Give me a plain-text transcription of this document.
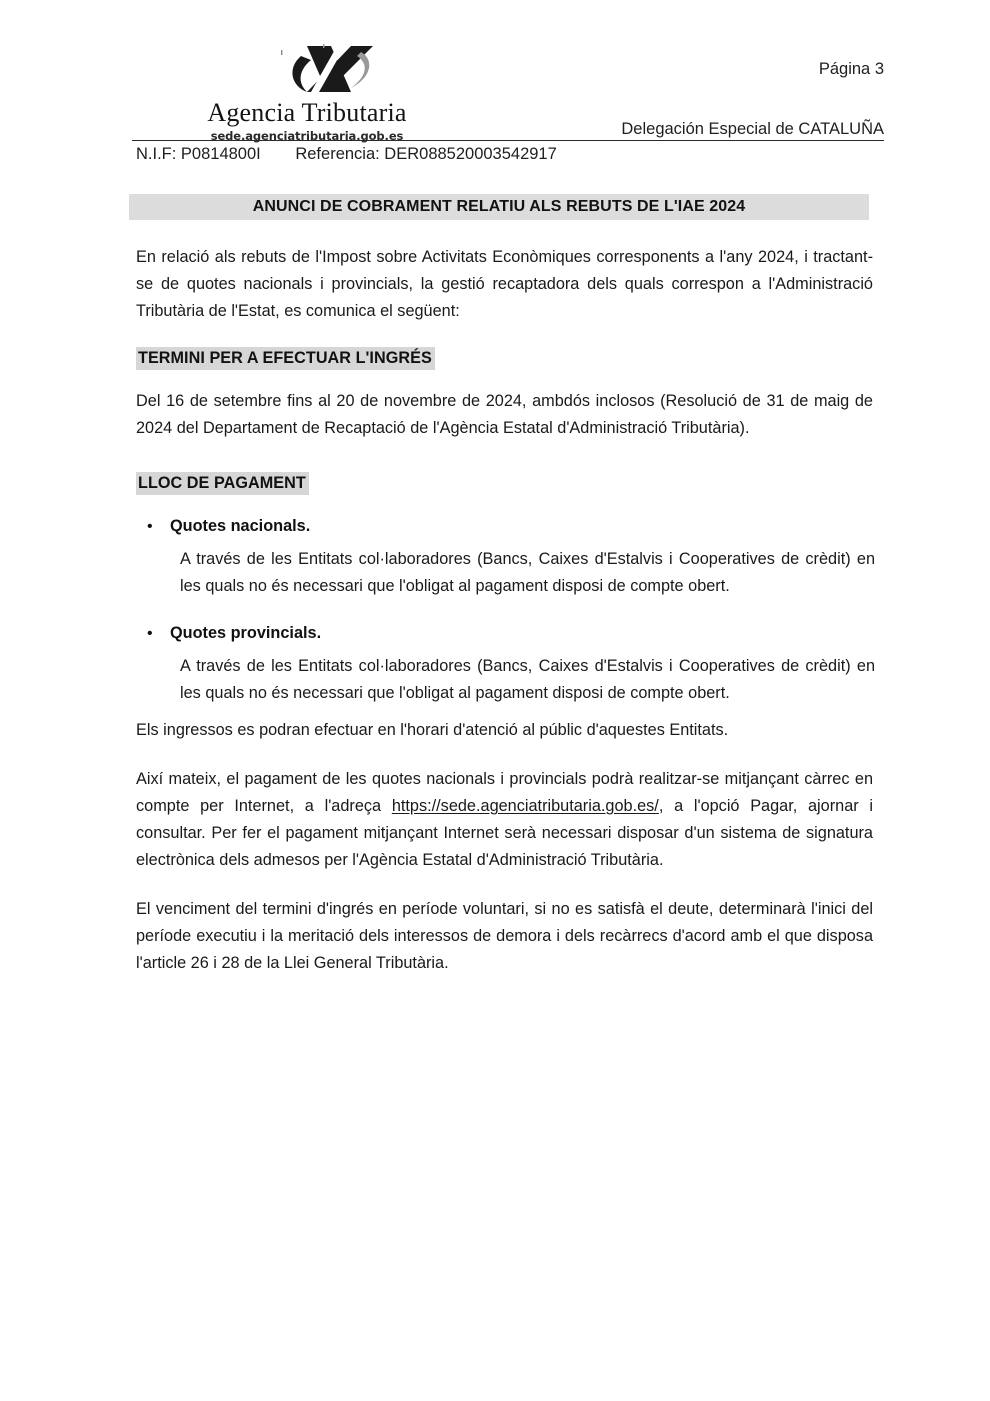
Agencia Tributaria
sede.agenciatributaria.gob.es
Página 3
Delegación Especial de CATALUÑA
N.I.F: P0814800I Referencia: DER088520003542917
ANUNCI DE COBRAMENT RELATIU ALS REBUTS DE L'IAE 2024

En relació als rebuts de l'Impost sobre Activitats Econòmiques corresponents a l'any 2024, i tractant-se de quotes nacionals i provincials, la gestió recaptadora dels quals correspon a l'Administració Tributària de l'Estat, es comunica el següent:

TERMINI PER A EFECTUAR L'INGRÉS

Del 16 de setembre fins al 20 de novembre de 2024, ambdós inclosos (Resolució de 31 de maig de 2024 del Departament de Recaptació de l'Agència Estatal d'Administració Tributària).

LLOC DE PAGAMENT
• Quotes nacionals.
A través de les Entitats col·laboradores (Bancs, Caixes d'Estalvis i Cooperatives de crèdit) en les quals no és necessari que l'obligat al pagament disposi de compte obert.
• Quotes provincials.
A través de les Entitats col·laboradores (Bancs, Caixes d'Estalvis i Cooperatives de crèdit) en les quals no és necessari que l'obligat al pagament disposi de compte obert.

Els ingressos es podran efectuar en l'horari d'atenció al públic d'aquestes Entitats.

Així mateix, el pagament de les quotes nacionals i provincials podrà realitzar-se mitjançant càrrec en compte per Internet, a l'adreça https://sede.agenciatributaria.gob.es/, a l'opció Pagar, ajornar i consultar. Per fer el pagament mitjançant Internet serà necessari disposar d'un sistema de signatura electrònica dels admesos per l'Agència Estatal d'Administració Tributària.

El venciment del termini d'ingrés en període voluntari, si no es satisfà el deute, determinarà l'inici del període executiu i la meritació dels interessos de demora i dels recàrrecs d'acord amb el que disposa l'article 26 i 28 de la Llei General Tributària.
